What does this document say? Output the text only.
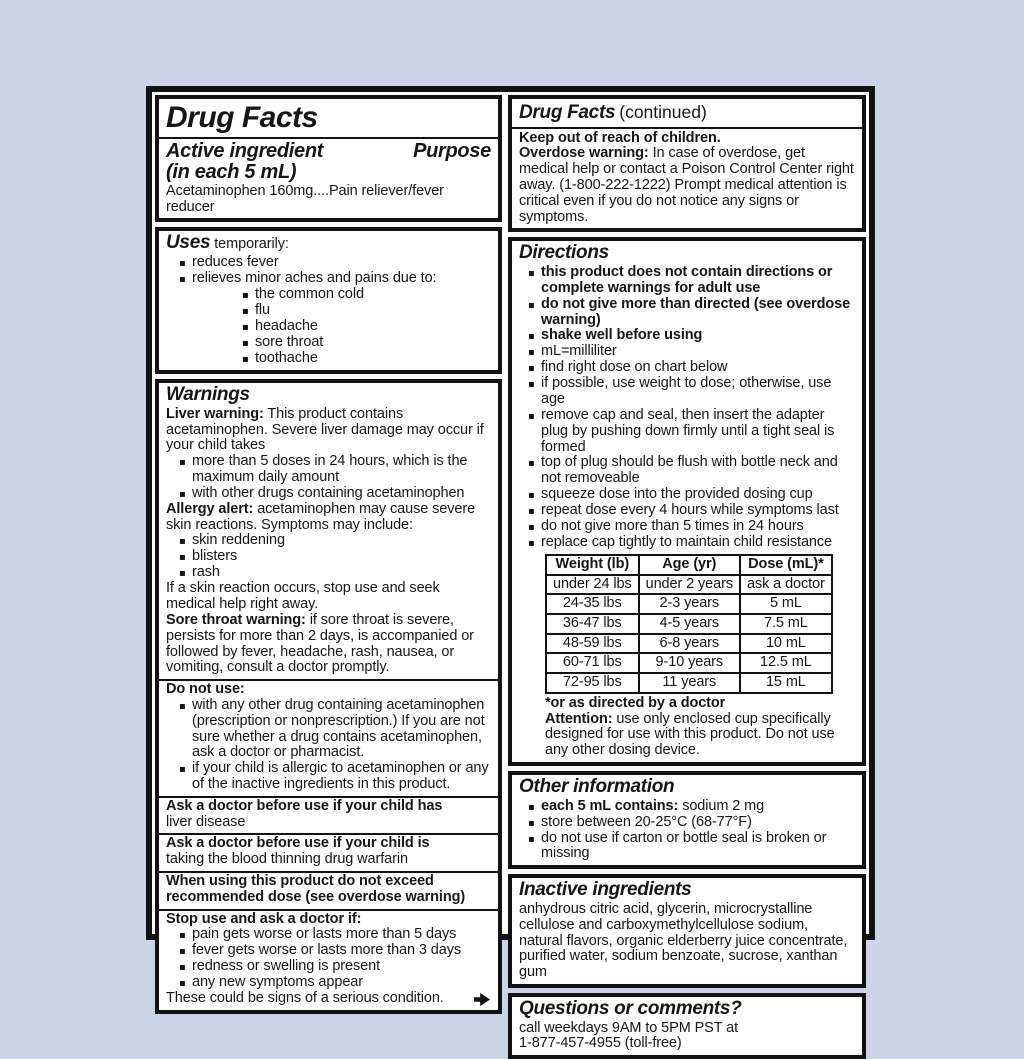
Drug Facts
Active ingredient	Purpose
(in each 5 mL)
Acetaminophen 160mg....Pain reliever/fever reducer
Uses temporarily:
▪ reduces fever
▪ relieves minor aches and pains due to:
▪ the common cold
▪ flu
▪ headache
▪ sore throat
▪ toothache
Warnings

Liver warning: This product contains acetaminophen. Severe liver damage may occur if your child takes

▪ more than 5 doses in 24 hours, which is the maximum daily amount
▪ with other drugs containing acetaminophen

Allergy alert: acetaminophen may cause severe skin reactions. Symptoms may include:

▪ skin reddening
▪ blisters
▪ rash

If a skin reaction occurs, stop use and seek medical help right away.

Sore throat warning: if sore throat is severe, persists for more than 2 days, is accompanied or followed by fever, headache, rash, nausea, or vomiting, consult a doctor promptly.

Do not use:

▪ with any other drug containing acetaminophen (prescription or nonprescription.) If you are not sure whether a drug contains acetaminophen, ask a doctor or pharmacist.
▪ if your child is allergic to acetaminophen or any of the inactive ingredients in this product.

Ask a doctor before use if your child has

liver disease

Ask a doctor before use if your child is

taking the blood thinning drug warfarin

When using this product do not exceed recommended dose (see overdose warning)

Stop use and ask a doctor if:

▪ pain gets worse or lasts more than 5 days
▪ fever gets worse or lasts more than 3 days
▪ redness or swelling is present
▪ any new symptoms appear
These could be signs of a serious condition.
Drug Facts (continued)

Keep out of reach of children.

Overdose warning: In case of overdose, get medical help or contact a Poison Control Center right away. (1-800-222-1222) Prompt medical attention is critical even if you do not notice any signs or symptoms.

Directions
▪ this product does not contain directions or complete warnings for adult use
▪ do not give more than directed (see overdose warning)
▪ shake well before using
▪ mL=milliliter
▪ find right dose on chart below
▪ if possible, use weight to dose; otherwise, use age
▪ remove cap and seal, then insert the adapter plug by pushing down firmly until a tight seal is formed
▪ top of plug should be flush with bottle neck and not removeable
▪ squeeze dose into the provided dosing cup
▪ repeat dose every 4 hours while symptoms last
▪ do not give more than 5 times in 24 hours
▪ replace cap tightly to maintain child resistance
Weight (lb)	Age (yr)	Dose (mL)*
under 24 lbs	under 2 years	ask a doctor
24-35 lbs	2-3 years	5 mL
36-47 lbs	4-5 years	7.5 mL
48-59 lbs	6-8 years	10 mL
60-71 lbs	9-10 years	12.5 mL
72-95 lbs	11 years	15 mL

*or as directed by a doctor

Attention: use only enclosed cup specifically designed for use with this product. Do not use any other dosing device.

Other information
▪ each 5 mL contains: sodium 2 mg
▪ store between 20-25°C (68-77°F)
▪ do not use if carton or bottle seal is broken or missing
Inactive ingredients

anhydrous citric acid, glycerin, microcrystalline cellulose and carboxymethylcellulose sodium, natural flavors, organic elderberry juice concentrate, purified water, sodium benzoate, sucrose, xanthan gum

Questions or comments?

call weekdays 9AM to 5PM PST at

1-877-457-4955 (toll-free)
